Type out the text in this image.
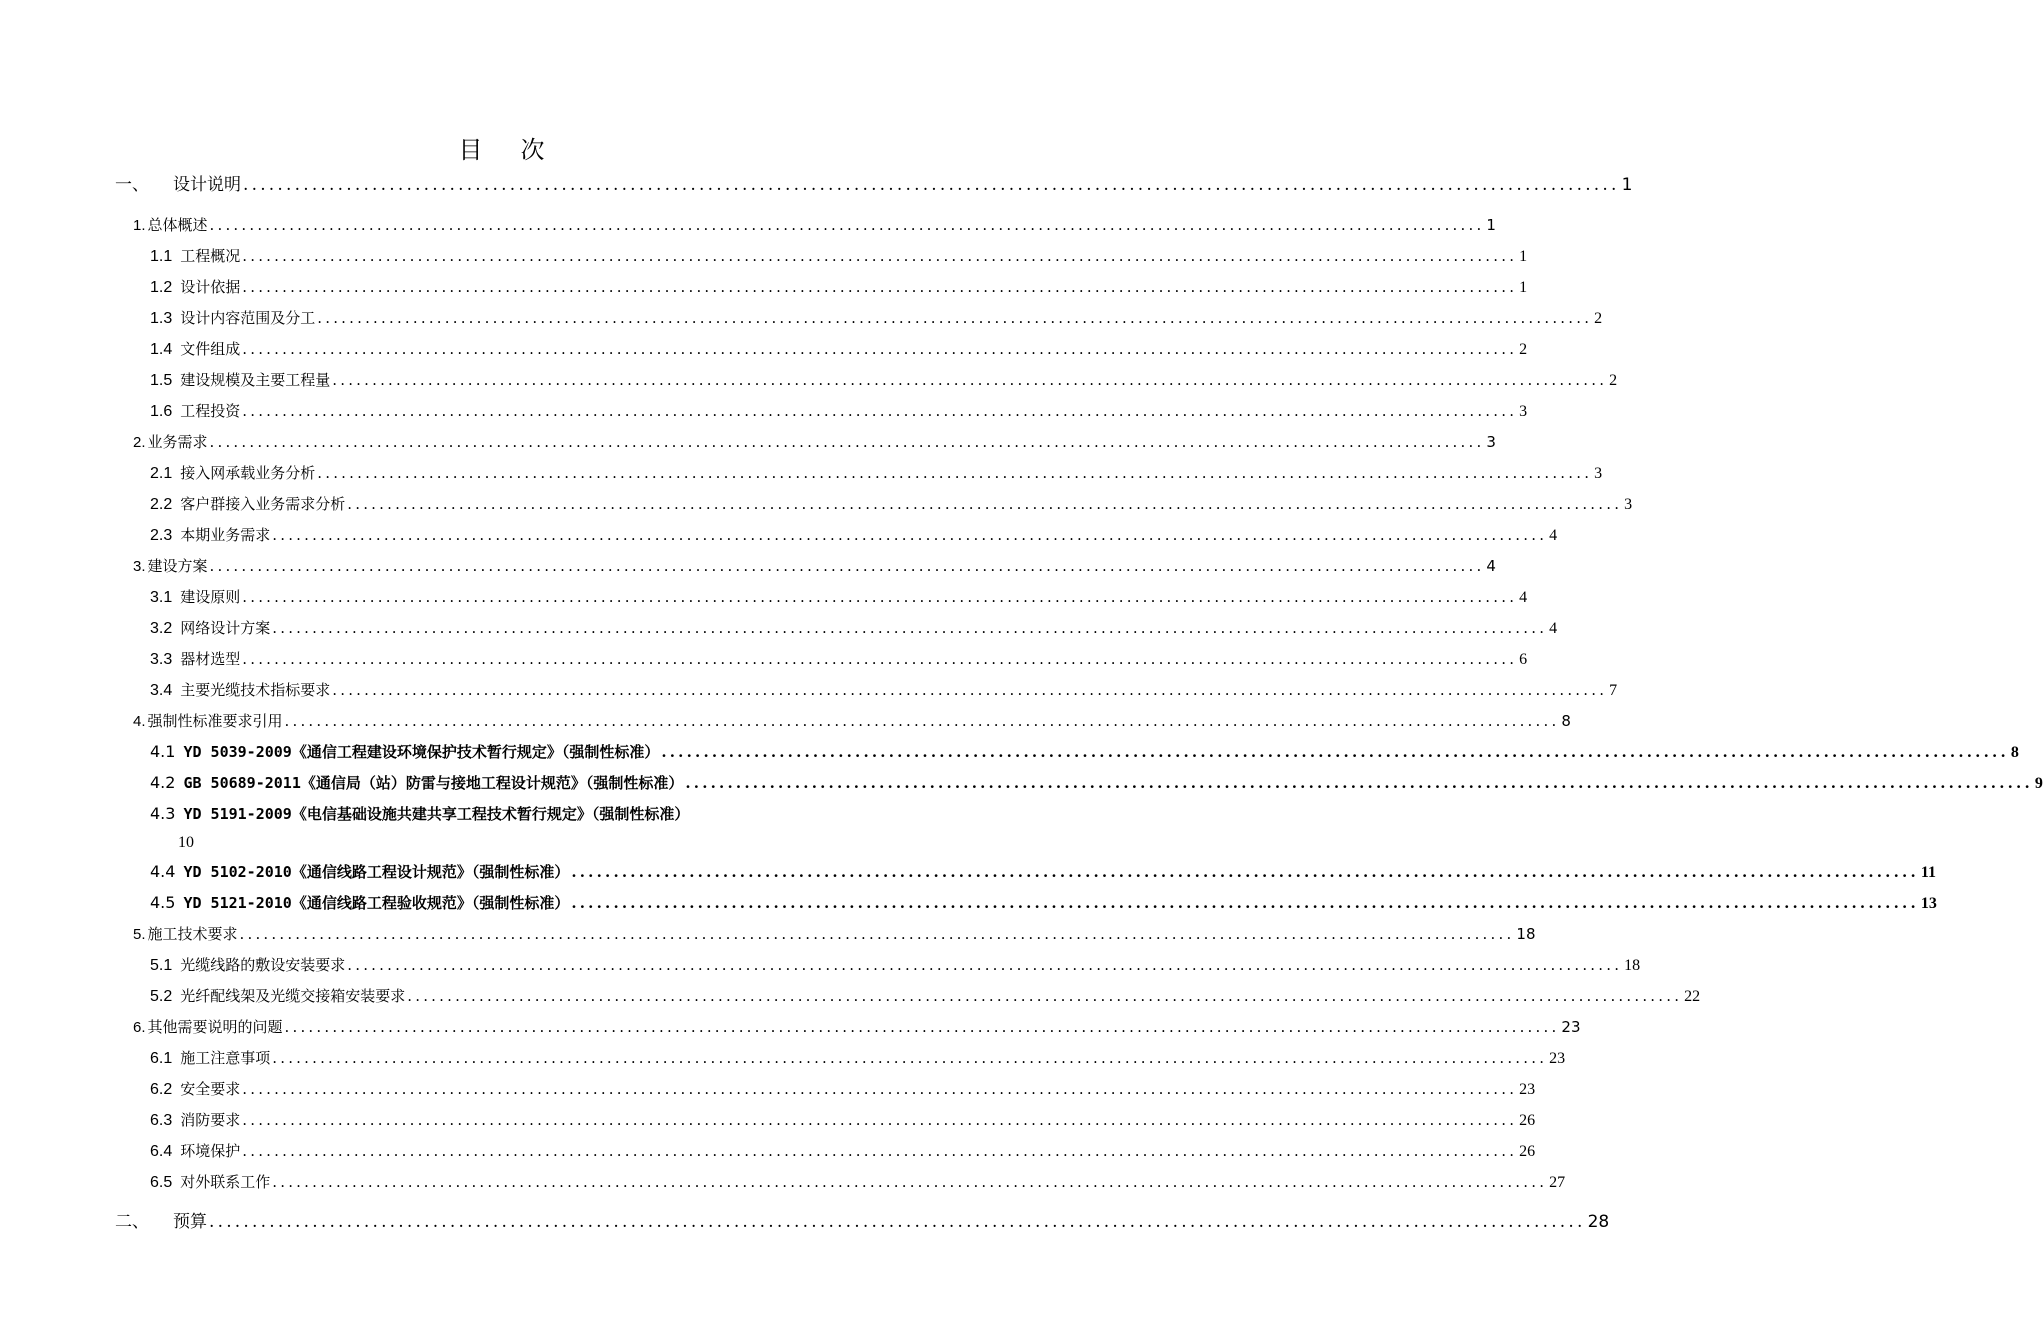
目 次
一、 设计说明 ................................................................................................................................................................ 1
1. 总体概述 ................................................................................................................................................................ 1
1.1 工程概况 ................................................................................................................................................................ 1
1.2 设计依据 ................................................................................................................................................................ 1
1.3 设计内容范围及分工 ................................................................................................................................................................ 2
1.4 文件组成 ................................................................................................................................................................ 2
1.5 建设规模及主要工程量 ................................................................................................................................................................ 2
1.6 工程投资 ................................................................................................................................................................ 3
2. 业务需求 ................................................................................................................................................................ 3
2.1 接入网承载业务分析 ................................................................................................................................................................ 3
2.2 客户群接入业务需求分析 ................................................................................................................................................................ 3
2.3 本期业务需求 ................................................................................................................................................................ 4
3. 建设方案 ................................................................................................................................................................ 4
3.1 建设原则 ................................................................................................................................................................ 4
3.2 网络设计方案 ................................................................................................................................................................ 4
3.3 器材选型 ................................................................................................................................................................ 6
3.4 主要光缆技术指标要求 ................................................................................................................................................................ 7
4. 强制性标准要求引用 ................................................................................................................................................................ 8
4.1 YD 5039-2009《通信工程建设环境保护技术暂行规定》（强制性标准） ................................................................................................................................................................ 8
4.2 GB 50689-2011《通信局（站）防雷与接地工程设计规范》（强制性标准） ................................................................................................................................................................ 9
4.3 YD 5191-2009《电信基础设施共建共享工程技术暂行规定》（强制性标准）
10
4.4 YD 5102-2010《通信线路工程设计规范》（强制性标准） ................................................................................................................................................................ 11
4.5 YD 5121-2010《通信线路工程验收规范》（强制性标准） ................................................................................................................................................................ 13
5. 施工技术要求 ................................................................................................................................................................ 18
5.1 光缆线路的敷设安装要求 ................................................................................................................................................................ 18
5.2 光纤配线架及光缆交接箱安装要求 ................................................................................................................................................................ 22
6. 其他需要说明的问题 ................................................................................................................................................................ 23
6.1 施工注意事项 ................................................................................................................................................................ 23
6.2 安全要求 ................................................................................................................................................................ 23
6.3 消防要求 ................................................................................................................................................................ 26
6.4 环境保护 ................................................................................................................................................................ 26
6.5 对外联系工作 ................................................................................................................................................................ 27
二、 预算 ................................................................................................................................................................ 28
